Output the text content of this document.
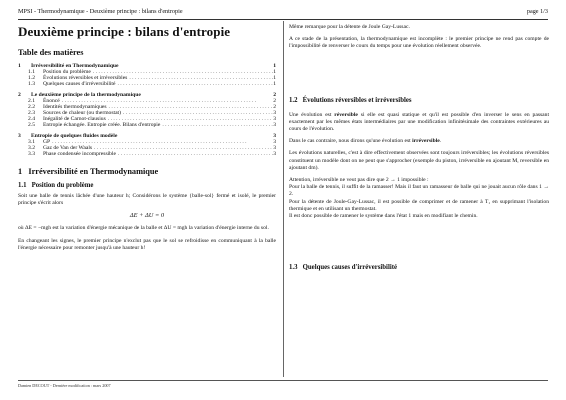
MPSI - Thermodynamique - Deuxième principe : bilans d'entropie	page 1/3
Deuxième principe : bilans d'entropie
Table des matières
1	Irréversibilité en Thermodynamique	1
1.1	Position du problème . . .	1
1.2	Évolutions réversibles et irréversibles . . .	1
1.3	Quelques causes d'irréversibilité . . .	1
2	Le deuxième principe de la thermodynamique	2
2.1	Énoncé . . .	2
2.2	Identités thermodynamiques . . .	2
2.3	Sources de chaleur (ou thermostat) . . .	3
2.4	Inégalité de Carnot-clausius . . .	3
2.5	Entropie échangée. Entropie créée. Bilans d'entropie . . .	3
3	Entropie de quelques fluides modèle	3
3.1	GP . . .	3
3.2	Gaz de Van der Waals . . .	3
3.3	Phase condensée incompressible . . .	3
1 Irréversibilité en Thermodynamique
1.1 Position du problème

Soit une balle de tennis lâchée d'une hauteur h; Considérons le système {balle-sol} fermé et isolé, le premier principe s'écrit alors

ΔE + ΔU = 0

où ΔE = −mgh est la variation d'énergie mécanique de la balle et ΔU = mgh la variation d'énergie interne du sol.

En changeant les signes, le premier principe n'exclut pas que le sol se refroidisse en communiquant à la balle l'énergie nécessaire pour remonter jusqu'à une hauteur h!

Même remarque pour la détente de Joule Gay-Lussac.

A ce stade de la présentation, la thermodynamique est incomplète : le premier principe ne rend pas compte de l'impossibilité de renverser le cours du temps pour une évolution réellement observée.

1.2 Évolutions réversibles et irréversibles

Une évolution est réversible si elle est quasi statique et qu'il est possible d'en inverser le sens en passant exactement par les mêmes états intermédiaires par une modification infinitésimale des contraintes extérieures au cours de l'évolution.

Dans le cas contraire, nous dirons qu'une évolution est irréversible.

Les évolutions naturelles, c'est à dire effectivement observées sont toujours irréversibles; les évolutions réversibles constituent un modèle dont on ne peut que s'approcher (exemple du piston, irréversible en ajoutant M, reversible en ajoutant dm).

Attention, irréversible ne veut pas dire que 2 → 1 impossible :

Pour la balle de tennis, il suffit de la ramasser! Mais il faut un ramasseur de balle qui ne jouait aucun rôle dans 1 → 2.

Pour la détente de Joule-Gay-Lussac, il est possible de comprimer et de ramener à T₁ en supprimant l'isolation thermique et en utilisant un thermostat.

Il est donc possible de ramener le système dans l'état 1 mais en modifiant le chemin.

1.3 Quelques causes d'irréversibilité
Damien DECOUT - Dernière modification : mars 2007
